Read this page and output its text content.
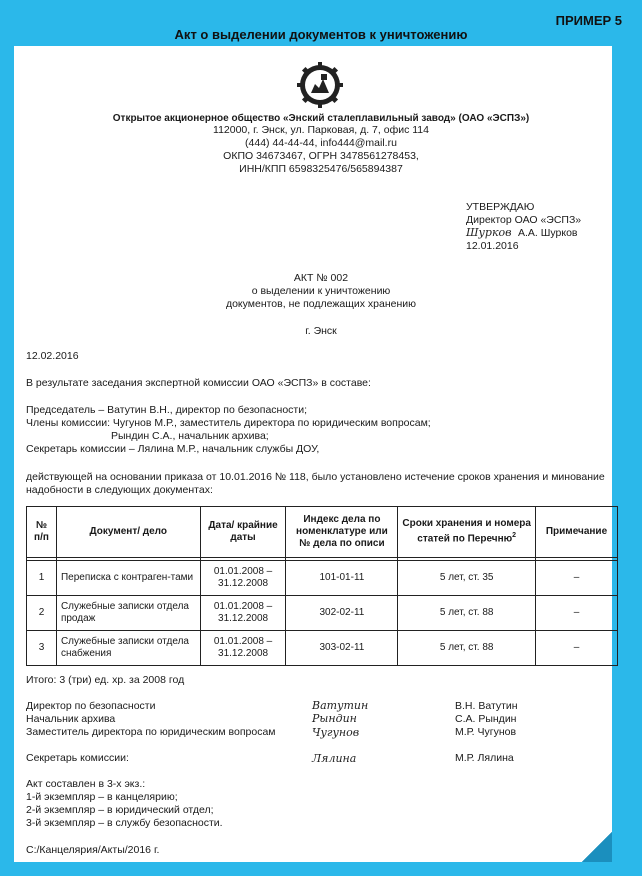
ПРИМЕР 5
Акт о выделении документов к уничтожению
Открытое акционерное общество «Энский сталеплавильный завод» (ОАО «ЭСПЗ»)
112000, г. Энск, ул. Парковая, д. 7, офис 114
(444) 44-44-44, info444@mail.ru
ОКПО 34673467, ОГРН 3478561278453,
ИНН/КПП 6598325476/565894387
УТВЕРЖДАЮ
Директор ОАО «ЭСПЗ»
Шурков А.А. Шурков
12.01.2016
АКТ № 002
о выделении к уничтожению
документов, не подлежащих хранению
г. Энск
12.02.2016
В результате заседания экспертной комиссии ОАО «ЭСПЗ» в составе:
Председатель – Ватутин В.Н., директор по безопасности;
Члены комиссии: Чугунов М.Р., заместитель директора по юридическим вопросам;
Рындин С.А., начальник архива;
Секретарь комиссии – Лялина М.Р., начальник службы ДОУ,
действующей на основании приказа от 10.01.2016 № 118, было установлено истечение сроков хранения и минование
надобности в следующих документах:
№ п/п	Документ/ дело	Дата/ крайние даты	Индекс дела по номенклатуре или № дела по описи	Сроки хранения и номера статей по Перечню$^2$	Примечание

1	Переписка с контраген-тами	01.01.2008 –
31.12.2008	101-01-11	5 лет, ст. 35	–
2	Служебные записки отдела продаж	01.01.2008 –
31.12.2008	302-02-11	5 лет, ст. 88	–
3	Служебные записки отдела снабжения	01.01.2008 –
31.12.2008	303-02-11	5 лет, ст. 88	–
Итого: 3 (три) ед. хр. за 2008 год
Директор по безопасности	Ватутин	В.Н. Ватутин
Начальник архива	Рындин	С.А. Рындин
Заместитель директора по юридическим вопросам	Чугунов	М.Р. Чугунов
Секретарь комиссии:	Лялина	М.Р. Лялина
Акт составлен в 3-х экз.:
1-й экземпляр – в канцелярию;
2-й экземпляр – в юридический отдел;
3-й экземпляр – в службу безопасности.
С:/Канцелярия/Акты/2016 г.
